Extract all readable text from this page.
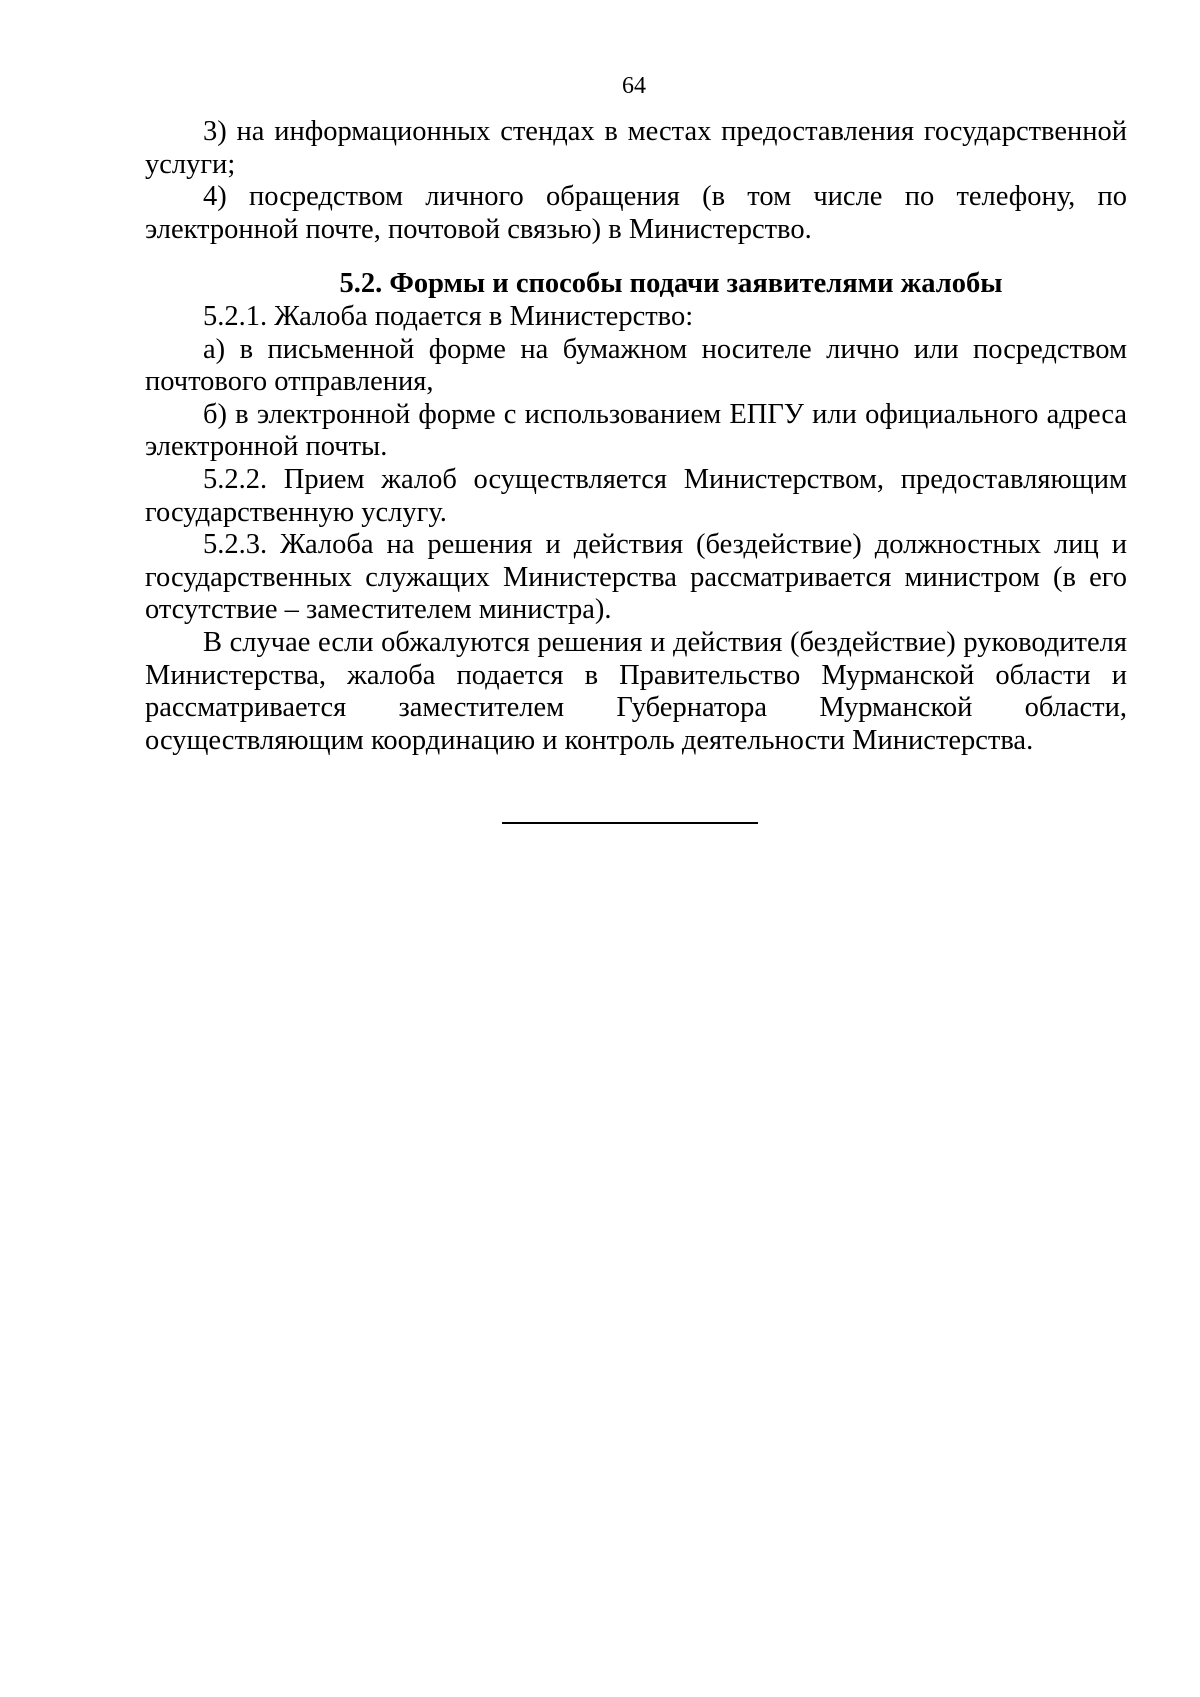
64

3) на информационных стендах в местах предоставления государственной услуги;

4) посредством личного обращения (в том числе по телефону, по электронной почте, почтовой связью) в Министерство.

5.2. Формы и способы подачи заявителями жалобы

5.2.1. Жалоба подается в Министерство:

а) в письменной форме на бумажном носителе лично или посредством почтового отправления,

б) в электронной форме с использованием ЕПГУ или официального адреса электронной почты.

5.2.2. Прием жалоб осуществляется Министерством, предоставляющим государственную услугу.

5.2.3. Жалоба на решения и действия (бездействие) должностных лиц и государственных служащих Министерства рассматривается министром (в его отсутствие – заместителем министра).

В случае если обжалуются решения и действия (бездействие) руководителя Министерства, жалоба подается в Правительство Мурманской области и рассматривается заместителем Губернатора Мурманской области, осуществляющим координацию и контроль деятельности Министерства.
